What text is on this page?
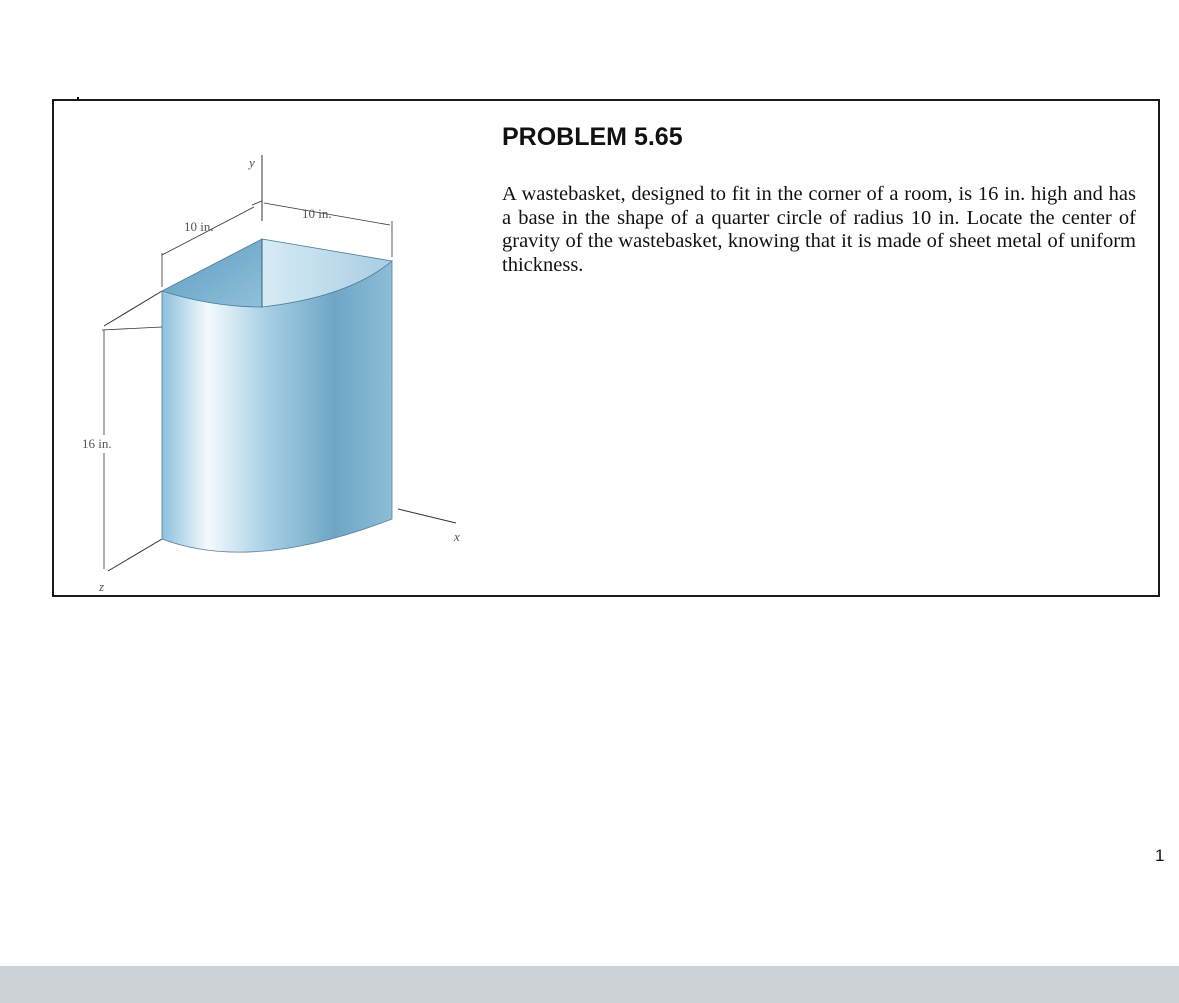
y
z
x
10 in.
10 in.
16 in.
PROBLEM 5.65

A wastebasket, designed to fit in the corner of a room, is 16 in. high and has a base in the shape of a quarter circle of radius 10 in. Locate the center of gravity of the wastebasket, knowing that it is made of sheet metal of uniform thickness.

1
